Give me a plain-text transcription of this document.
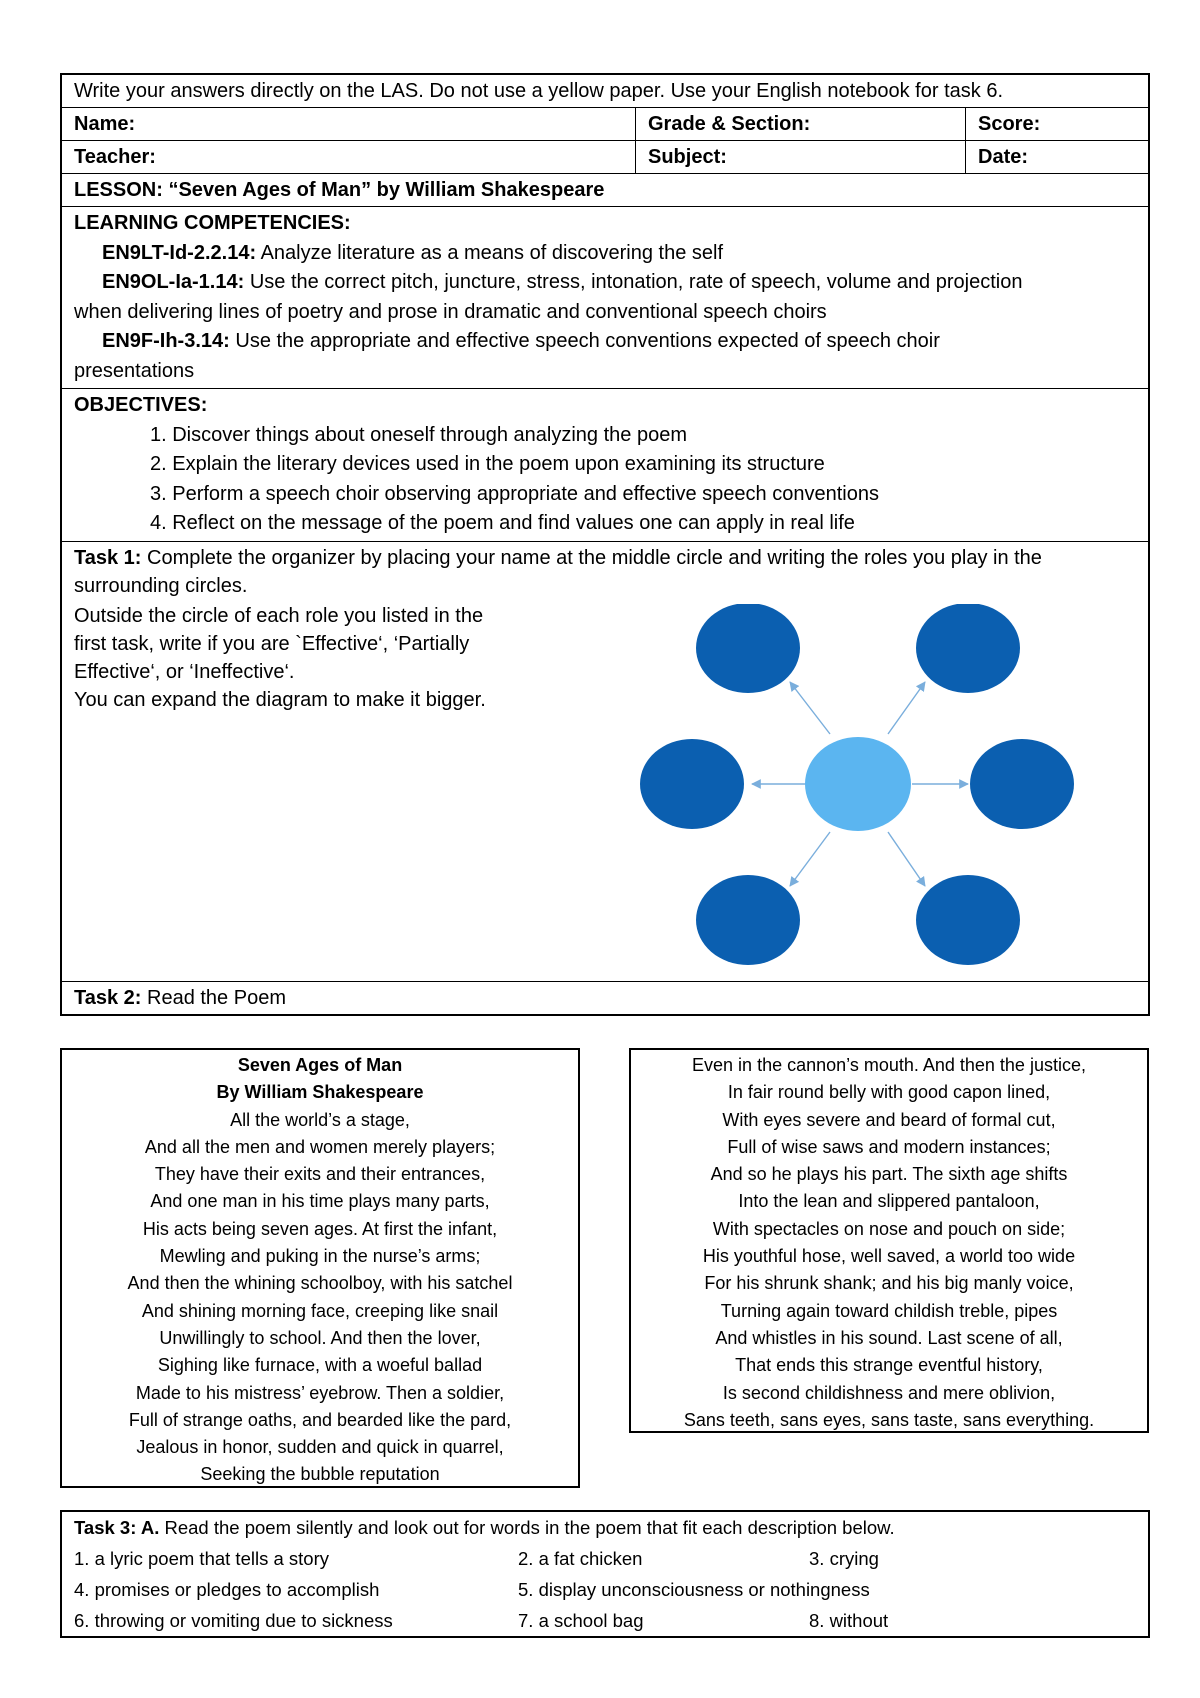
Write your answers directly on the LAS. Do not use a yellow paper. Use your English notebook for task 6.
Name:	Grade & Section:	Score:
Teacher:	Subject:	Date:
LESSON: “Seven Ages of Man” by William Shakespeare
LEARNING COMPETENCIES:
EN9LT-Id-2.2.14: Analyze literature as a means of discovering the self
EN9OL-Ia-1.14: Use the correct pitch, juncture, stress, intonation, rate of speech, volume and projection
when delivering lines of poetry and prose in dramatic and conventional speech choirs
EN9F-Ih-3.14: Use the appropriate and effective speech conventions expected of speech choir
presentations
OBJECTIVES:
1. Discover things about oneself through analyzing the poem
2. Explain the literary devices used in the poem upon examining its structure
3. Perform a speech choir observing appropriate and effective speech conventions
4. Reflect on the message of the poem and find values one can apply in real life
Task 1: Complete the organizer by placing your name at the middle circle and writing the roles you play in the surrounding circles.
Outside the circle of each role you listed in the
first task, write if you are `Effective‘, ‘Partially
Effective‘, or ‘Ineffective‘.
You can expand the diagram to make it bigger.
Task 2: Read the Poem
Seven Ages of Man
By William Shakespeare
All the world’s a stage,
And all the men and women merely players;
They have their exits and their entrances,
And one man in his time plays many parts,
His acts being seven ages. At first the infant,
Mewling and puking in the nurse’s arms;
And then the whining schoolboy, with his satchel
And shining morning face, creeping like snail
Unwillingly to school. And then the lover,
Sighing like furnace, with a woeful ballad
Made to his mistress’ eyebrow. Then a soldier,
Full of strange oaths, and bearded like the pard,
Jealous in honor, sudden and quick in quarrel,
Seeking the bubble reputation
Even in the cannon’s mouth. And then the justice,
In fair round belly with good capon lined,
With eyes severe and beard of formal cut,
Full of wise saws and modern instances;
And so he plays his part. The sixth age shifts
Into the lean and slippered pantaloon,
With spectacles on nose and pouch on side;
His youthful hose, well saved, a world too wide
For his shrunk shank; and his big manly voice,
Turning again toward childish treble, pipes
And whistles in his sound. Last scene of all,
That ends this strange eventful history,
Is second childishness and mere oblivion,
Sans teeth, sans eyes, sans taste, sans everything.
Task 3: A. Read the poem silently and look out for words in the poem that fit each description below.
1. a lyric poem that tells a story	2. a fat chicken	3. crying
4. promises or pledges to accomplish	5. display unconsciousness or nothingness
6. throwing or vomiting due to sickness	7. a school bag	8. without
